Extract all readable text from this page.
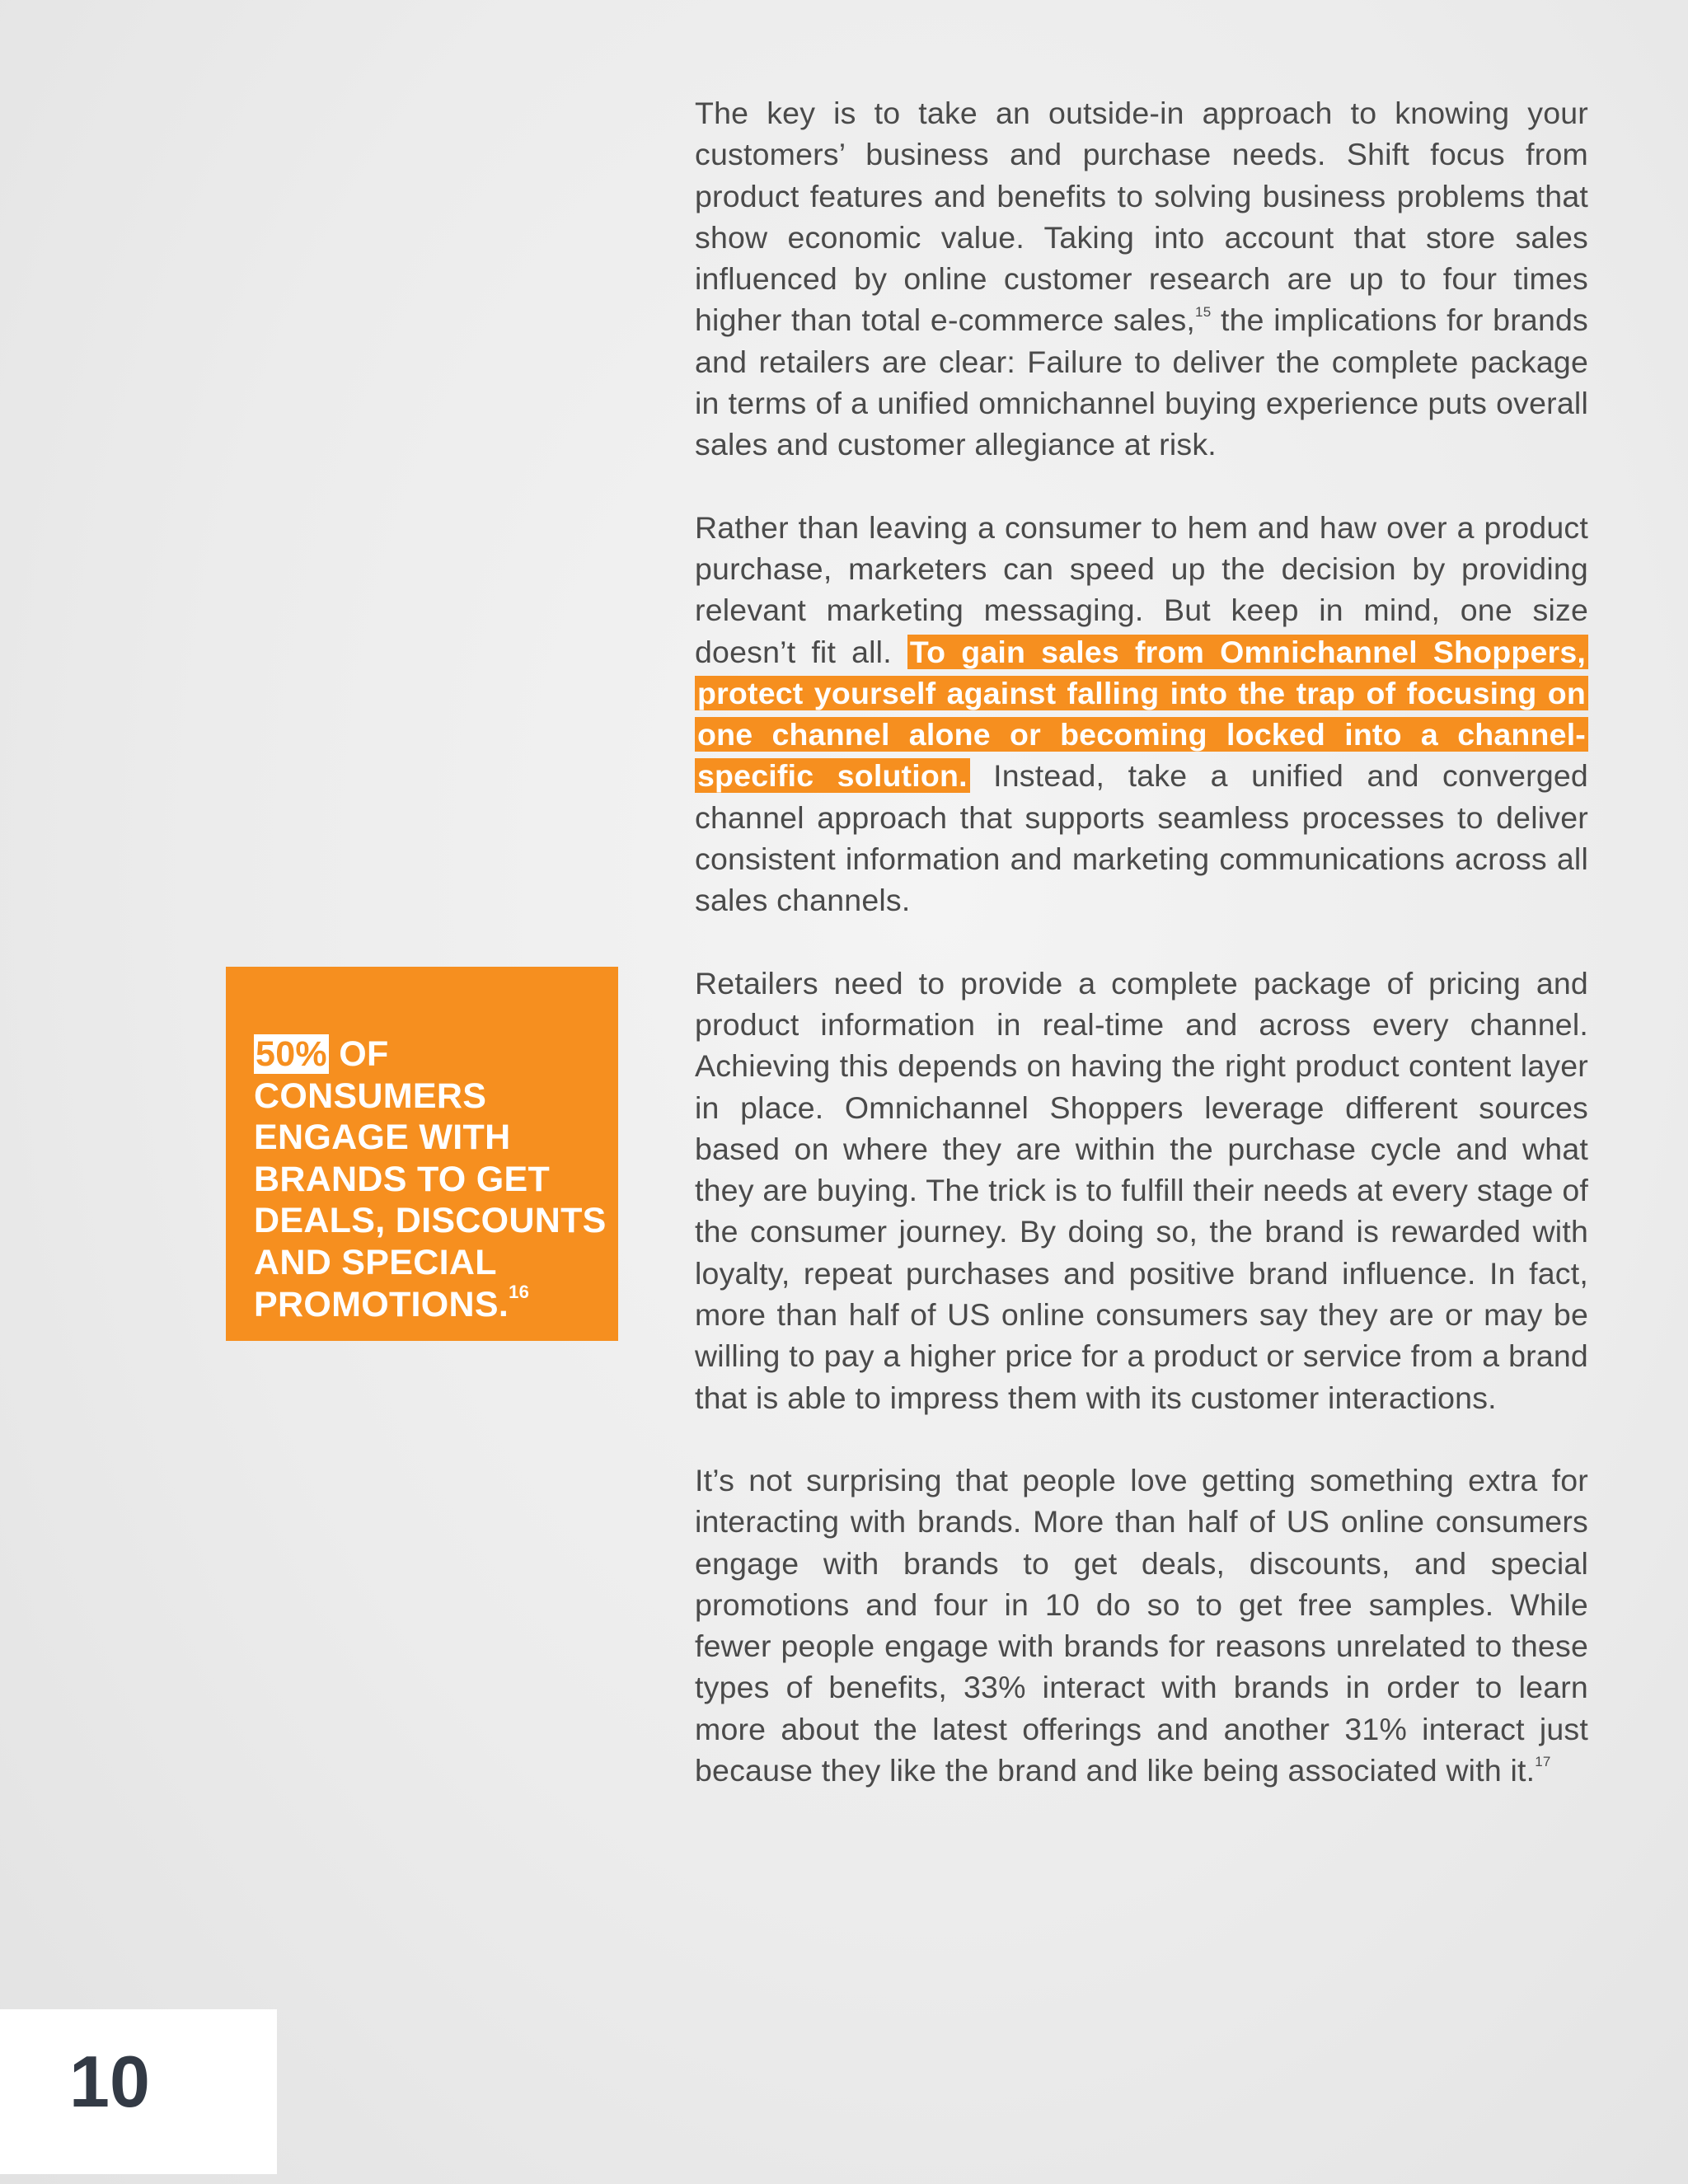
The key is to take an outside-in approach to knowing your customers’ business and purchase needs. Shift focus from product features and benefits to solving business problems that show economic value. Taking into account that store sales influenced by online customer research are up to four times higher than total e-commerce sales,$^{15}$ the implications for brands and retailers are clear: Failure to deliver the complete package in terms of a unified omnichannel buying experience puts overall sales and customer allegiance at risk.

Rather than leaving a consumer to hem and haw over a product purchase, marketers can speed up the decision by providing relevant marketing messaging. But keep in mind, one size doesn’t fit all. To gain sales from Omnichannel Shoppers, protect yourself against falling into the trap of focusing on one channel alone or becoming locked into a channel-specific solution. Instead, take a unified and converged channel approach that supports seamless processes to deliver consistent information and marketing communications across all sales channels.

Retailers need to provide a complete package of pricing and product information in real-time and across every channel. Achieving this depends on having the right product content layer in place. Omnichannel Shoppers leverage different sources based on where they are within the purchase cycle and what they are buying. The trick is to fulfill their needs at every stage of the consumer journey. By doing so, the brand is rewarded with loyalty, repeat purchases and positive brand influence. In fact, more than half of US online consumers say they are or may be willing to pay a higher price for a product or service from a brand that is able to impress them with its customer interactions.

It’s not surprising that people love getting something extra for interacting with brands. More than half of US online consumers engage with brands to get deals, discounts, and special promotions and four in 10 do so to get free samples. While fewer people engage with brands for reasons unrelated to these types of benefits, 33% interact with brands in order to learn more about the latest offerings and another 31% interact just because they like the brand and like being associated with it.$^{17}$

50% OF CONSUMERS ENGAGE WITH BRANDS TO GET DEALS, DISCOUNTS AND SPECIAL PROMOTIONS.$^{16}$
10
